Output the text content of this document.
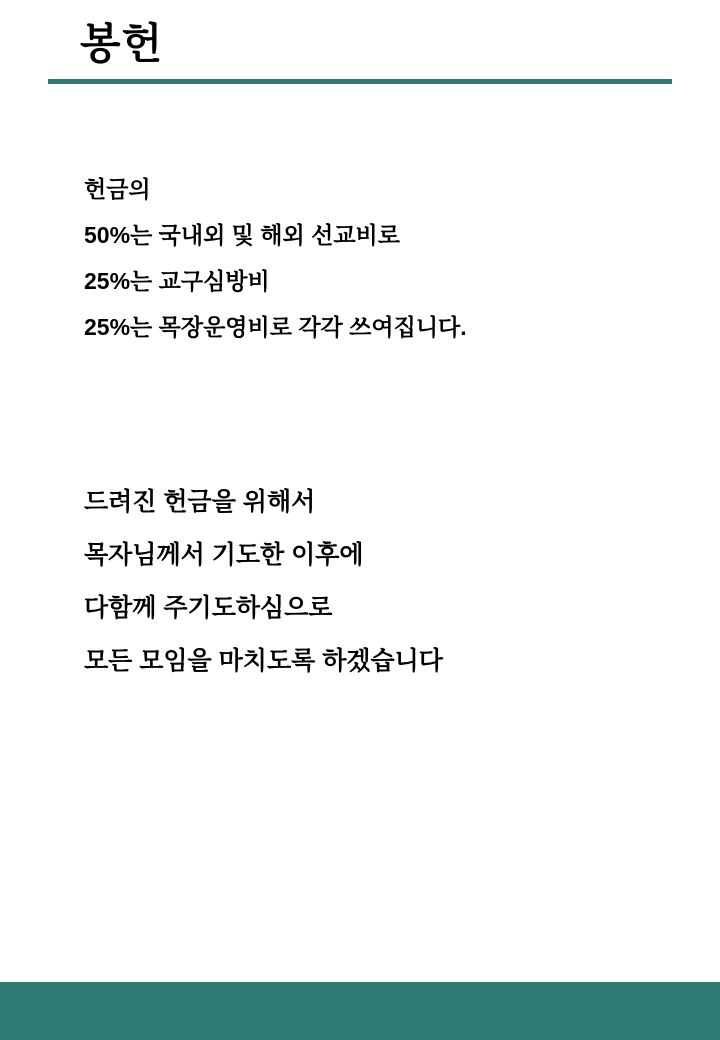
봉헌

헌금의

50%는 국내외 및 해외 선교비로

25%는 교구심방비

25%는 목장운영비로 각각 쓰여집니다.

드려진 헌금을 위해서

목자님께서 기도한 이후에

다함께 주기도하심으로

모든 모임을 마치도록 하겠습니다
